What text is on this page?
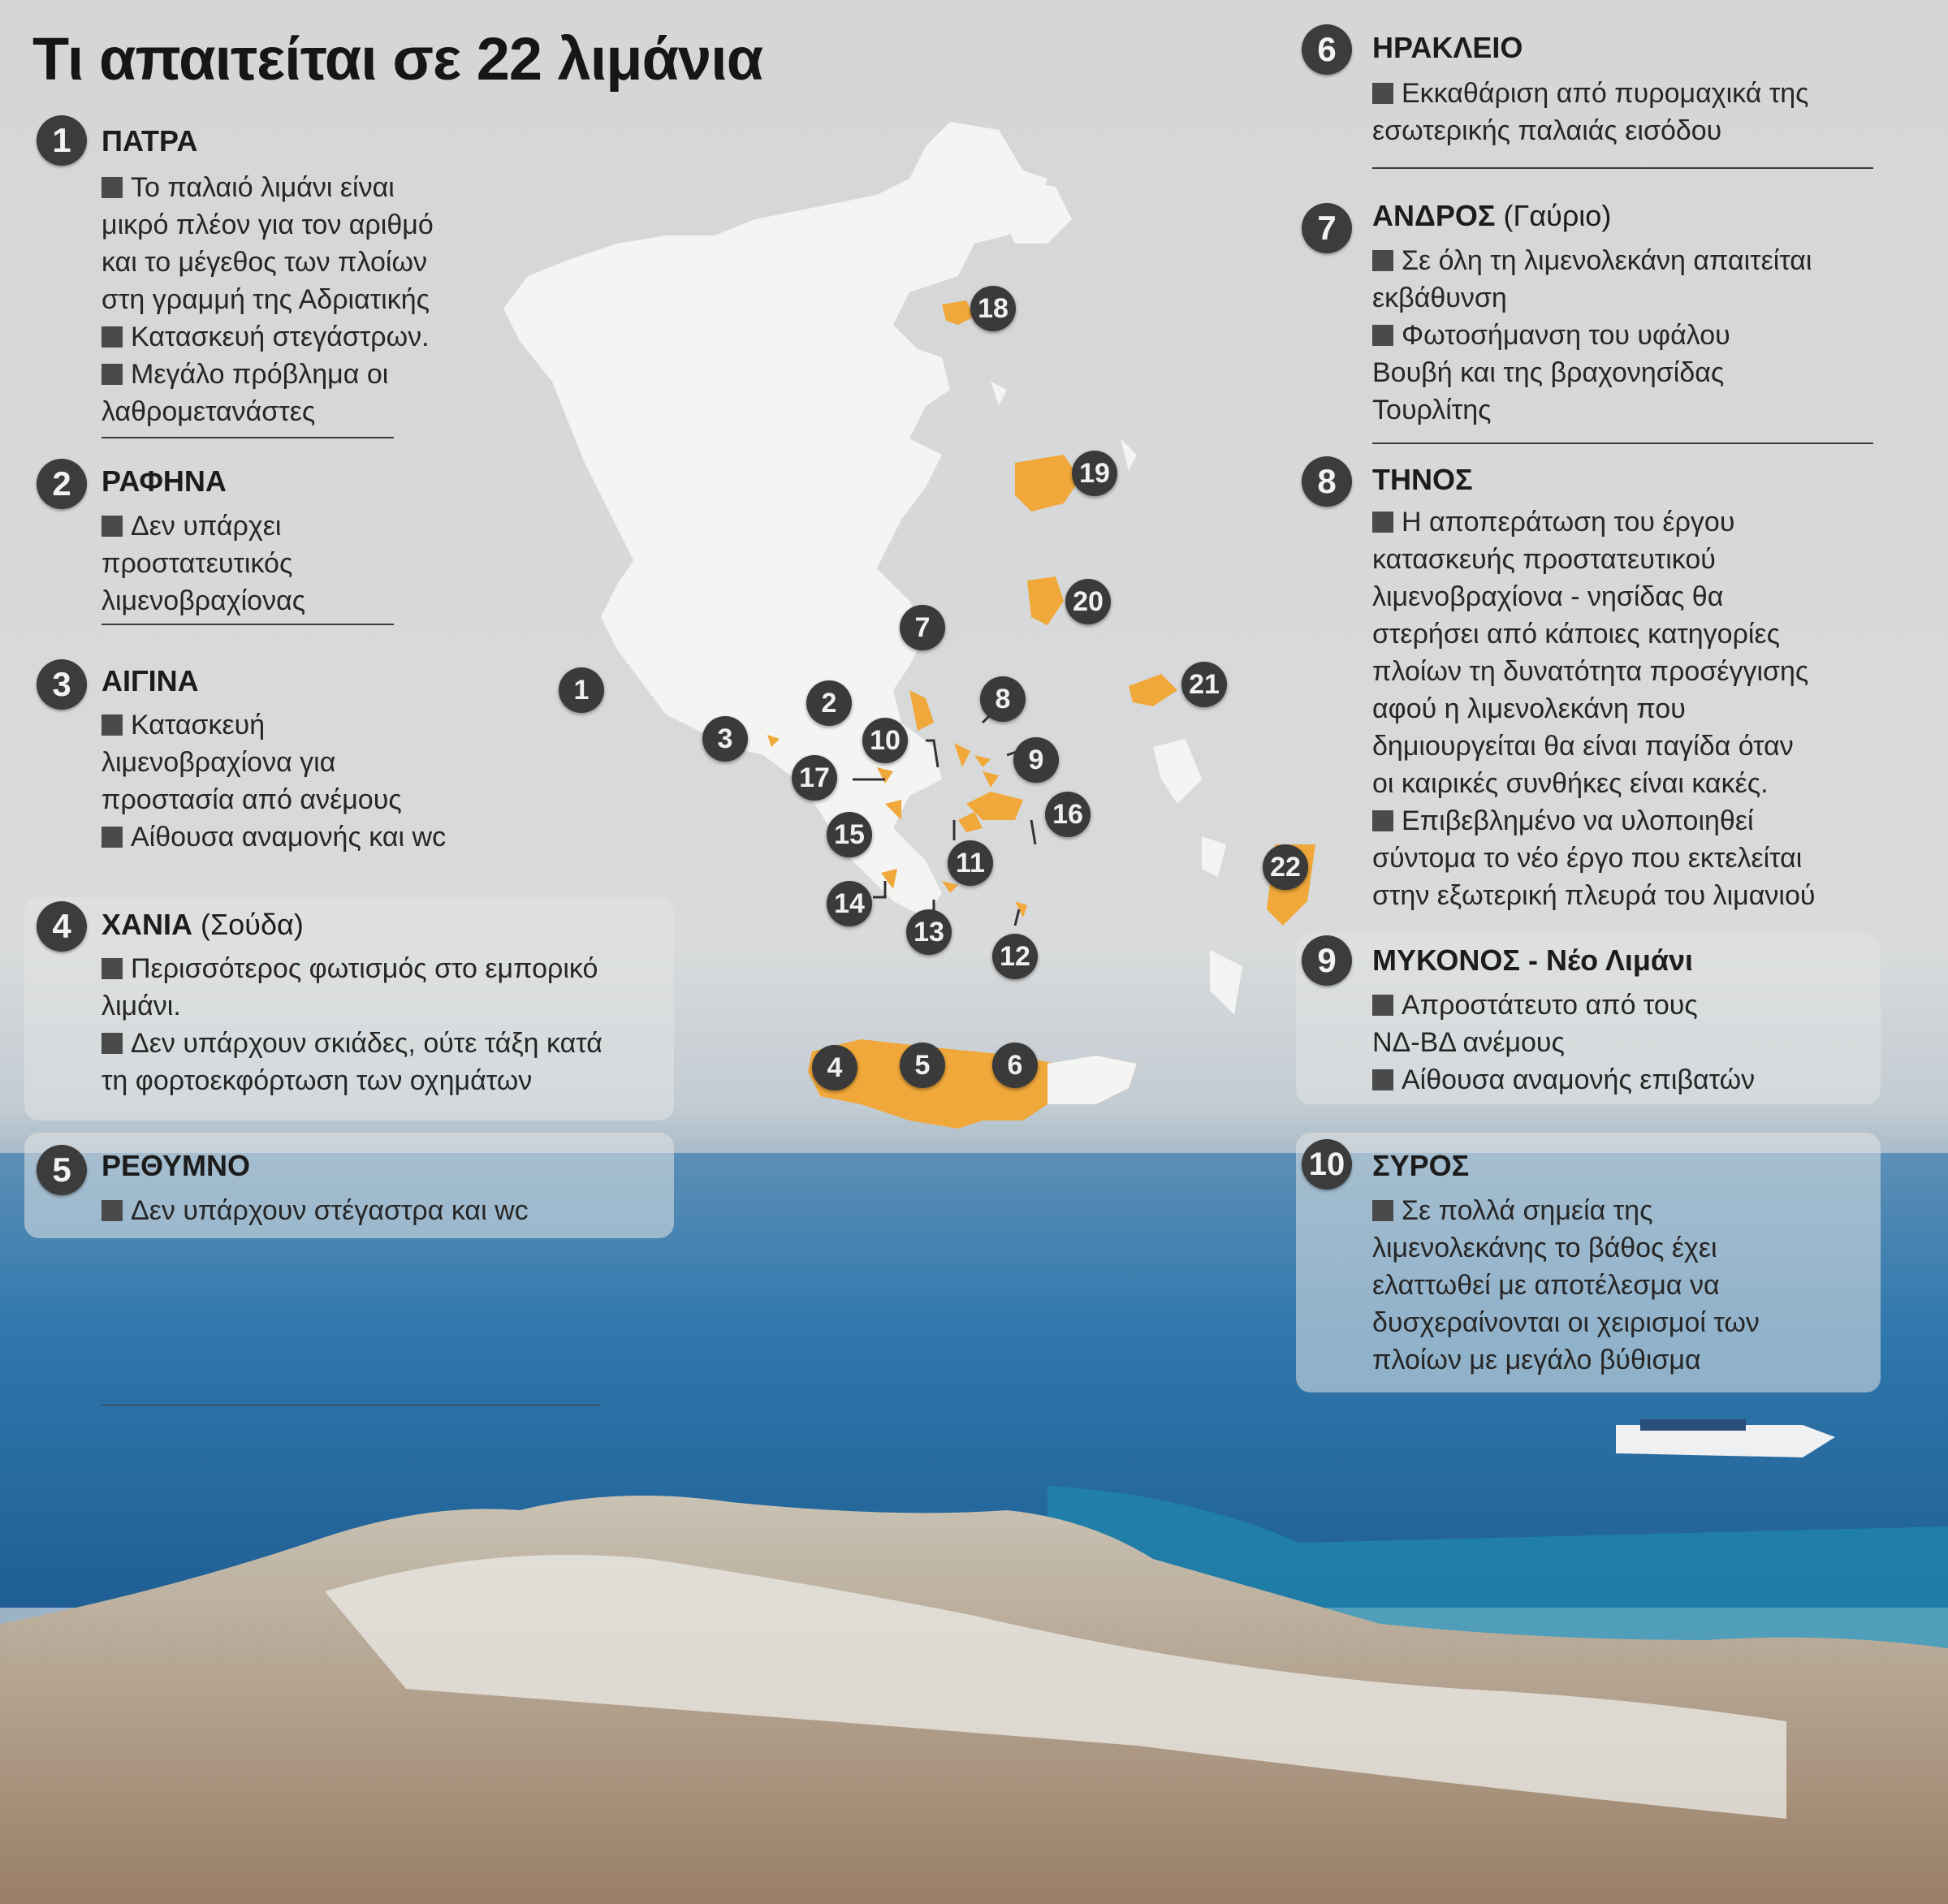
Τι απαιτείται σε 22 λιμάνια
1	ΠΑΤΡΑ
Το παλαιό λιμάνι είναι
μικρό πλέον για τον αριθμό
και το μέγεθος των πλοίων
στη γραμμή της Αδριατικής
Κατασκευή στεγάστρων.
Μεγάλο πρόβλημα οι
λαθρομετανάστες
2	ΡΑΦΗΝΑ
Δεν υπάρχει
προστατευτικός
λιμενοβραχίονας
3	ΑΙΓΙΝΑ
Κατασκευή
λιμενοβραχίονα για
προστασία από ανέμους
Αίθουσα αναμονής και wc
4	ΧΑΝΙΑ (Σούδα)
Περισσότερος φωτισμός στο εμπορικό
λιμάνι.
Δεν υπάρχουν σκιάδες, ούτε τάξη κατά
τη φορτοεκφόρτωση των οχημάτων
5	ΡΕΘΥΜΝΟ
Δεν υπάρχουν στέγαστρα και wc
6	ΗΡΑΚΛΕΙΟ
Εκκαθάριση από πυρομαχικά της
εσωτερικής παλαιάς εισόδου
7	ΑΝΔΡΟΣ (Γαύριο)
Σε όλη τη λιμενολεκάνη απαιτείται
εκβάθυνση
Φωτοσήμανση του υφάλου
Βουβή και της βραχονησίδας
Τουρλίτης
8	ΤΗΝΟΣ
Η αποπεράτωση του έργου
κατασκευής προστατευτικού
λιμενοβραχίονα - νησίδας θα
στερήσει από κάποιες κατηγορίες
πλοίων τη δυνατότητα προσέγγισης
αφού η λιμενολεκάνη που
δημιουργείται θα είναι παγίδα όταν
οι καιρικές συνθήκες είναι κακές.
Επιβεβλημένο να υλοποιηθεί
σύντομα το νέο έργο που εκτελείται
στην εξωτερική πλευρά του λιμανιού
9	ΜΥΚΟΝΟΣ - Νέο Λιμάνι
Απροστάτευτο από τους
ΝΔ-ΒΔ ανέμους
Αίθουσα αναμονής επιβατών
10 ΣΥΡΟΣ
Σε πολλά σημεία της
λιμενολεκάνης το βάθος έχει
ελαττωθεί με αποτέλεσμα να
δυσχεραίνονται οι χειρισμοί των
πλοίων με μεγάλο βύθισμα
1	2
3
4	5	6
7
8
9
10
11
12
13
14
15
16
17
18
19
20
21
22
